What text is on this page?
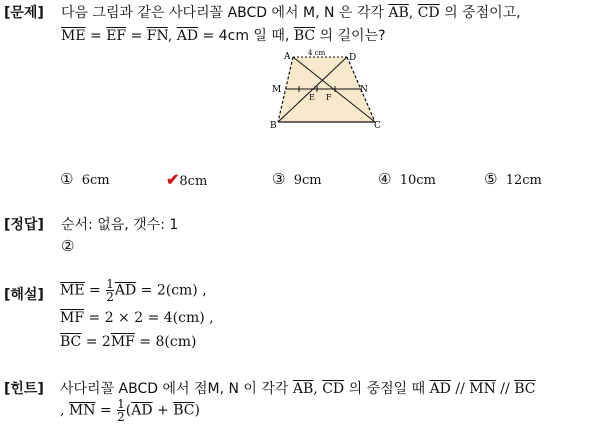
[문제] 다음 그림과 같은 사다리꼴 ABCD 에서 M, N 은 각각 $\overline{AB}$, $\overline{CD}$ 의 중점이고,
$\overline{ME} = \overline{EF} = \overline{FN}$, $\overline{AD} = 4cm$ 일 때, $\overline{BC}$ 의 길이는?
A	D
B	C
M	N
E F
4 cm
① 6cm	✔8cm	③ 9cm	④ 10cm	⑤ 12cm
[정답] 순서: 없음, 갯수: 1
②
[해설] $\overline{ME} = \frac{1}{2} \overline{AD} = 2(cm)$ ,
$\overline{MF} = 2 \times 2 = 4(cm)$ ,
$\overline{BC} = 2\overline{MF} = 8(cm)$
[힌트] 사다리꼴 ABCD 에서 점M, N 이 각각 $\overline{AB}$, $\overline{CD}$ 의 중점일 때 $\overline{AD} // \overline{MN} // \overline{BC}$
, $\overline{MN} = \frac{1}{2} (\overline{AD} + \overline{BC})$
